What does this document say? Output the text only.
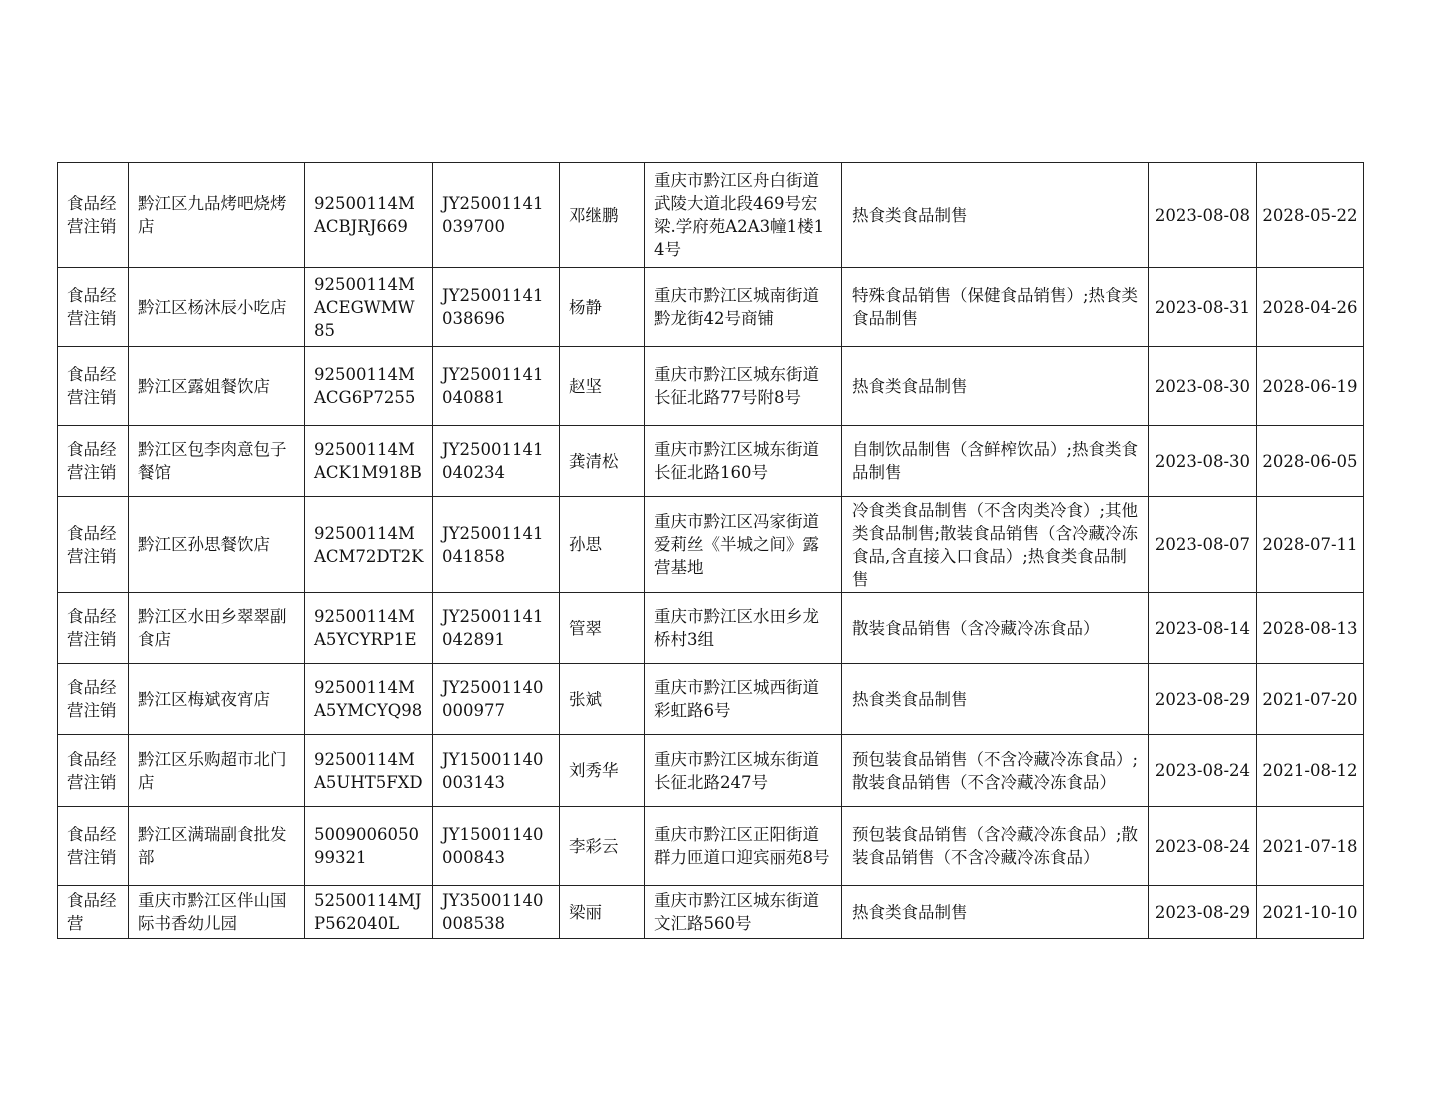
食品经营注销	黔江区九品烤吧烧烤店	92500114MACBJRJ669	JY25001141039700	邓继鹏	重庆市黔江区舟白街道武陵大道北段469号宏梁.学府苑A2A3幢1楼14号	热食类食品制售	2023-08-08	2028-05-22
食品经营注销	黔江区杨沐辰小吃店	92500114MACEGWMW85	JY25001141038696	杨静	重庆市黔江区城南街道黔龙街42号商铺	特殊食品销售（保健食品销售）;热食类食品制售	2023-08-31	2028-04-26
食品经营注销	黔江区露姐餐饮店	92500114MACG6P7255	JY25001141040881	赵坚	重庆市黔江区城东街道长征北路77号附8号	热食类食品制售	2023-08-30	2028-06-19
食品经营注销	黔江区包李肉意包子餐馆	92500114MACK1M918B	JY25001141040234	龚清松	重庆市黔江区城东街道长征北路160号	自制饮品制售（含鲜榨饮品）;热食类食品制售	2023-08-30	2028-06-05
食品经营注销	黔江区孙思餐饮店	92500114MACM72DT2K	JY25001141041858	孙思	重庆市黔江区冯家街道爱莉丝《半城之间》露营基地	冷食类食品制售（不含肉类冷食）;其他类食品制售;散装食品销售（含冷藏冷冻食品,含直接入口食品）;热食类食品制售	2023-08-07	2028-07-11
食品经营注销	黔江区水田乡翠翠副食店	92500114MA5YCYRP1E	JY25001141042891	管翠	重庆市黔江区水田乡龙桥村3组	散装食品销售（含冷藏冷冻食品）	2023-08-14	2028-08-13
食品经营注销	黔江区梅斌夜宵店	92500114MA5YMCYQ98	JY25001140000977	张斌	重庆市黔江区城西街道彩虹路6号	热食类食品制售	2023-08-29	2021-07-20
食品经营注销	黔江区乐购超市北门店	92500114MA5UHT5FXD	JY15001140003143	刘秀华	重庆市黔江区城东街道长征北路247号	预包装食品销售（不含冷藏冷冻食品）;散装食品销售（不含冷藏冷冻食品）	2023-08-24	2021-08-12
食品经营注销	黔江区满瑞副食批发部	500900605099321	JY15001140000843	李彩云	重庆市黔江区正阳街道群力匝道口迎宾丽苑8号	预包装食品销售（含冷藏冷冻食品）;散装食品销售（不含冷藏冷冻食品）	2023-08-24	2021-07-18
食品经营	重庆市黔江区伴山国际书香幼儿园	52500114MJP562040L	JY35001140008538	梁丽	重庆市黔江区城东街道文汇路560号	热食类食品制售	2023-08-29	2021-10-10
